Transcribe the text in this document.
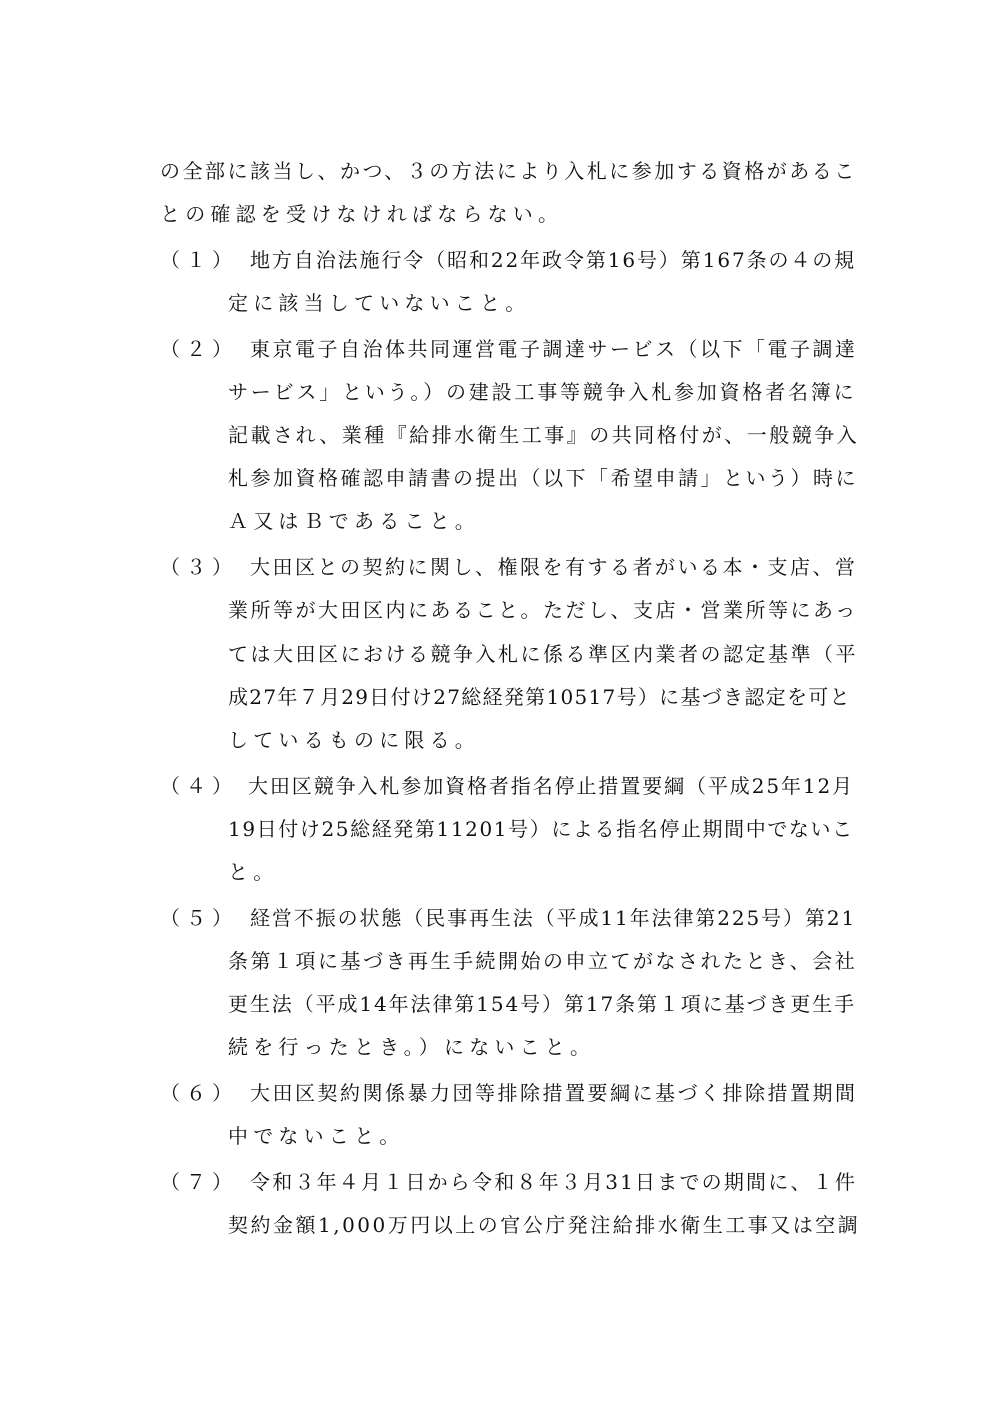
の全部に該当し、かつ、３の方法により入札に参加する資格があるこ
との確認を受けなければならない。
（１） 地方自治法施行令（昭和22年政令第16号）第167条の４の規
定に該当していないこと。
（２） 東京電子自治体共同運営電子調達サービス（以下「電子調達
サービス」という。）の建設工事等競争入札参加資格者名簿に
記載され、業種『給排水衛生工事』の共同格付が、一般競争入
札参加資格確認申請書の提出（以下「希望申請」という）時に
Ａ又はＢであること。
（３） 大田区との契約に関し、権限を有する者がいる本・支店、営
業所等が大田区内にあること。ただし、支店・営業所等にあっ
ては大田区における競争入札に係る準区内業者の認定基準（平
成27年７月29日付け27総経発第10517号）に基づき認定を可と
しているものに限る。
（４） 大田区競争入札参加資格者指名停止措置要綱（平成25年12月
19日付け25総経発第11201号）による指名停止期間中でないこ
と。
（５） 経営不振の状態（民事再生法（平成11年法律第225号）第21
条第１項に基づき再生手続開始の申立てがなされたとき、会社
更生法（平成14年法律第154号）第17条第１項に基づき更生手
続を行ったとき。）にないこと。
（６） 大田区契約関係暴力団等排除措置要綱に基づく排除措置期間
中でないこと。
（７） 令和３年４月１日から令和８年３月31日までの期間に、１件
契約金額1,000万円以上の官公庁発注給排水衛生工事又は空調
